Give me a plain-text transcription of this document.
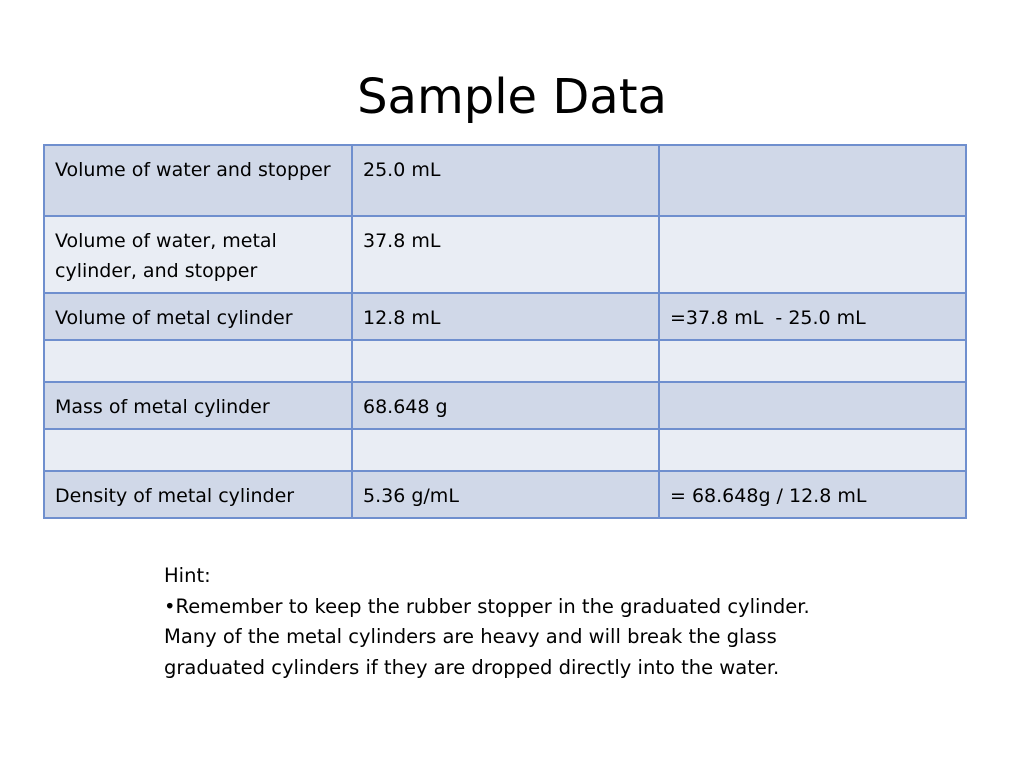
Sample Data
Volume of water and stopper	25.0 mL	
Volume of water, metal cylinder, and stopper	37.8 mL	
Volume of metal cylinder	12.8 mL	=37.8 mL  - 25.0 mL

Mass of metal cylinder	68.648 g	

Density of metal cylinder	5.36 g/mL	= 68.648g / 12.8 mL
Hint:
•Remember to keep the rubber stopper in the graduated cylinder.  Many of the metal cylinders are heavy and will break the glass graduated cylinders if they are dropped directly into the water.
